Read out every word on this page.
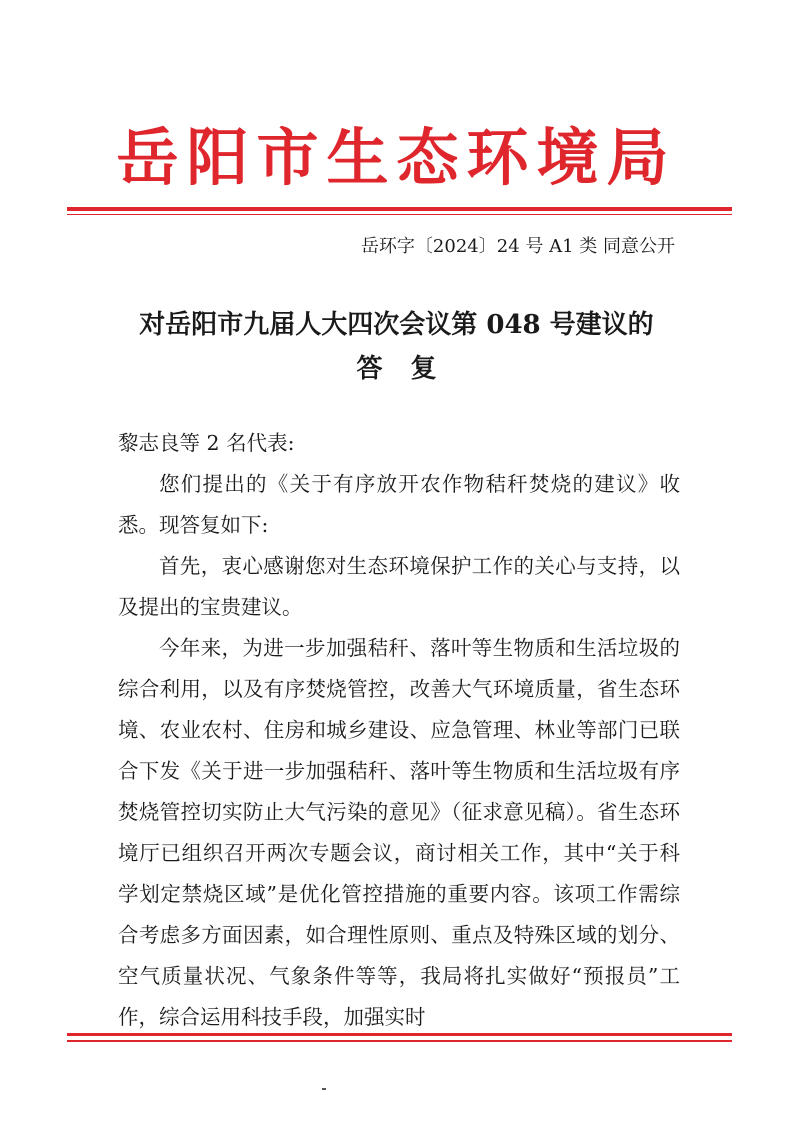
岳阳市生态环境局
岳环字〔2024〕24 号 A1 类 同意公开
对岳阳市九届人大四次会议第 048 号建议的
答复

黎志良等 2 名代表:

您们提出的《关于有序放开农作物秸秆焚烧的建议》收悉。现答复如下:

首先，衷心感谢您对生态环境保护工作的关心与支持，以及提出的宝贵建议。

今年来，为进一步加强秸秆、落叶等生物质和生活垃圾的综合利用，以及有序焚烧管控，改善大气环境质量，省生态环境、农业农村、住房和城乡建设、应急管理、林业等部门已联合下发《关于进一步加强秸秆、落叶等生物质和生活垃圾有序焚烧管控切实防止大气污染的意见》（征求意见稿）。省生态环境厅已组织召开两次专题会议，商讨相关工作，其中“关于科学划定禁烧区域”是优化管控措施的重要内容。该项工作需综合考虑多方面因素，如合理性原则、重点及特殊区域的划分、空气质量状况、气象条件等等，我局将扎实做好“预报员”工作，综合运用科技手段，加强实时
